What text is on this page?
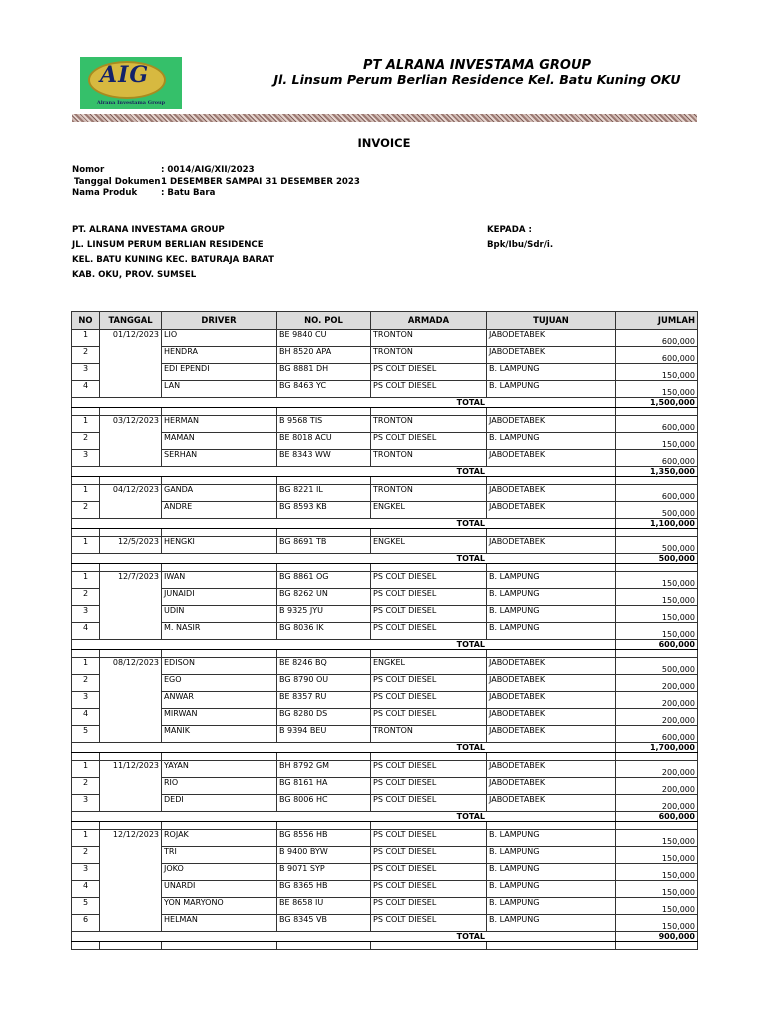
AIG
Alrana Investama Group
PT ALRANA INVESTAMA GROUP
Jl. Linsum Perum Berlian Residence Kel. Batu Kuning OKU
INVOICE
Nomor	: 0014/AIG/XII/2023
Tanggal Dokumen 1 DESEMBER SAMPAI 31 DESEMBER 2023
Nama Produk	: Batu Bara
PT. ALRANA INVESTAMA GROUP
JL. LINSUM PERUM BERLIAN RESIDENCE
KEL. BATU KUNING KEC. BATURAJA BARAT
KAB. OKU, PROV. SUMSEL
KEPADA :
Bpk/Ibu/Sdr/i.
NO	TANGGAL	DRIVER	NO. POL	ARMADA	TUJUAN	JUMLAH
1	01/12/2023	LIO	BE 9840 CU	TRONTON	JABODETABEK	600,000
2		HENDRA	BH 8520 APA	TRONTON	JABODETABEK	600,000
3		EDI EPENDI	BG 8881 DH	PS COLT DIESEL	B. LAMPUNG	150,000
4		LAN	BG 8463 YC	PS COLT DIESEL	B. LAMPUNG	150,000
TOTAL						1,500,000

1	03/12/2023	HERMAN	B 9568 TIS	TRONTON	JABODETABEK	600,000
2		MAMAN	BE 8018 ACU	PS COLT DIESEL	B. LAMPUNG	150,000
3		SERHAN	BE 8343 WW	TRONTON	JABODETABEK	600,000
TOTAL						1,350,000

1	04/12/2023	GANDA	BG 8221 IL	TRONTON	JABODETABEK	600,000
2		ANDRE	BG 8593 KB	ENGKEL	JABODETABEK	500,000
TOTAL						1,100,000

1	12/5/2023	HENGKI	BG 8691 TB	ENGKEL	JABODETABEK	500,000
TOTAL						500,000

1	12/7/2023	IWAN	BG 8861 OG	PS COLT DIESEL	B. LAMPUNG	150,000
2		JUNAIDI	BG 8262 UN	PS COLT DIESEL	B. LAMPUNG	150,000
3		UDIN	B 9325 JYU	PS COLT DIESEL	B. LAMPUNG	150,000
4		M. NASIR	BG 8036 IK	PS COLT DIESEL	B. LAMPUNG	150,000
TOTAL						600,000

1	08/12/2023	EDISON	BE 8246 BQ	ENGKEL	JABODETABEK	500,000
2		EGO	BG 8790 OU	PS COLT DIESEL	JABODETABEK	200,000
3		ANWAR	BE 8357 RU	PS COLT DIESEL	JABODETABEK	200,000
4		MIRWAN	BG 8280 DS	PS COLT DIESEL	JABODETABEK	200,000
5		MANIK	B 9394 BEU	TRONTON	JABODETABEK	600,000
TOTAL						1,700,000

1	11/12/2023	YAYAN	BH 8792 GM	PS COLT DIESEL	JABODETABEK	200,000
2		RIO	BG 8161 HA	PS COLT DIESEL	JABODETABEK	200,000
3		DEDI	BG 8006 HC	PS COLT DIESEL	JABODETABEK	200,000
TOTAL						600,000

1	12/12/2023	ROJAK	BG 8556 HB	PS COLT DIESEL	B. LAMPUNG	150,000
2		TRI	B 9400 BYW	PS COLT DIESEL	B. LAMPUNG	150,000
3		JOKO	B 9071 SYP	PS COLT DIESEL	B. LAMPUNG	150,000
4		UNARDI	BG 8365 HB	PS COLT DIESEL	B. LAMPUNG	150,000
5		YON MARYONO	BE 8658 IU	PS COLT DIESEL	B. LAMPUNG	150,000
6		HELMAN	BG 8345 VB	PS COLT DIESEL	B. LAMPUNG	150,000
TOTAL						900,000
